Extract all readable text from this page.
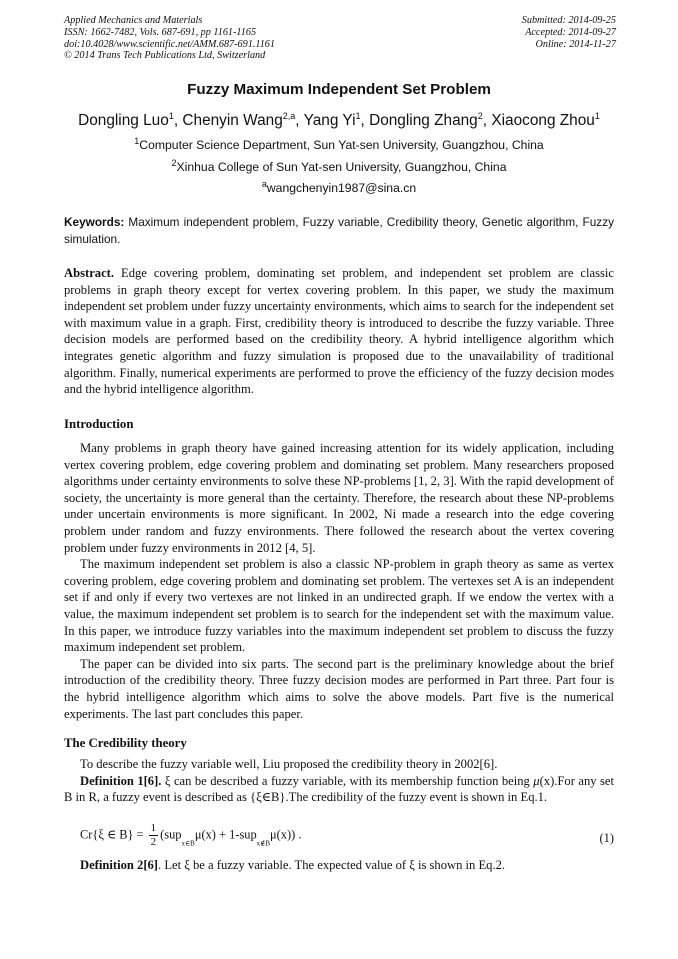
Applied Mechanics and Materials
ISSN: 1662-7482, Vols. 687-691, pp 1161-1165
doi:10.4028/www.scientific.net/AMM.687-691.1161
© 2014 Trans Tech Publications Ltd, Switzerland
Submitted: 2014-09-25
Accepted: 2014-09-27
Online: 2014-11-27
Fuzzy Maximum Independent Set Problem
Dongling Luo$^1$, Chenyin Wang$^{2,a}$, Yang Yi$^1$, Dongling Zhang$^2$, Xiaocong Zhou$^1$
$^1$Computer Science Department, Sun Yat-sen University, Guangzhou, China
$^2$Xinhua College of Sun Yat-sen University, Guangzhou, China
$^a$wangchenyin1987@sina.cn
Keywords: Maximum independent problem, Fuzzy variable, Credibility theory, Genetic algorithm, Fuzzy simulation.
Abstract. Edge covering problem, dominating set problem, and independent set problem are classic problems in graph theory except for vertex covering problem. In this paper, we study the maximum independent set problem under fuzzy uncertainty environments, which aims to search for the independent set with maximum value in a graph. First, credibility theory is introduced to describe the fuzzy variable. Three decision models are performed based on the credibility theory. A hybrid intelligence algorithm which integrates genetic algorithm and fuzzy simulation is proposed due to the unavailability of traditional algorithm. Finally, numerical experiments are performed to prove the efficiency of the fuzzy decision modes and the hybrid intelligence algorithm.
Introduction

Many problems in graph theory have gained increasing attention for its widely application, including vertex covering problem, edge covering problem and dominating set problem. Many researchers proposed algorithms under certainty environments to solve these NP-problems [1, 2, 3]. With the rapid development of society, the uncertainty is more general than the certainty. Therefore, the research about these NP-problems under uncertain environments is more significant. In 2002, Ni made a research into the edge covering problem under random and fuzzy environments. There followed the research about the vertex covering problem under fuzzy environments in 2012 [4, 5].

The maximum independent set problem is also a classic NP-problem in graph theory as same as vertex covering problem, edge covering problem and dominating set problem. The vertexes set A is an independent set if and only if every two vertexes are not linked in an undirected graph. If we endow the vertex with a value, the maximum independent set problem is to search for the independent set with the maximum value. In this paper, we introduce fuzzy variables into the maximum independent set problem to discuss the fuzzy maximum independent set problem.

The paper can be divided into six parts. The second part is the preliminary knowledge about the brief introduction of the credibility theory. Three fuzzy decision modes are performed in Part three. Part four is the hybrid intelligence algorithm which aims to solve the above models. Part five is the numerical experiments. The last part concludes this paper.

The Credibility theory

To describe the fuzzy variable well, Liu proposed the credibility theory in 2002[6].

Definition 1[6]. ξ can be described a fuzzy variable, with its membership function being μ(x).For any set B in R, a fuzzy event is described as {ξ∈B}.The credibility of the fuzzy event is shown in Eq.1.

Cr{ξ ∈ $B\} = \frac{1}{2} (sup_{x\in B}\mu(x) + 1-sup_{x\notin B}\mu(x))$ .	(1)

Definition 2[6]. Let ξ be a fuzzy variable. The expected value of ξ is shown in Eq.2.
